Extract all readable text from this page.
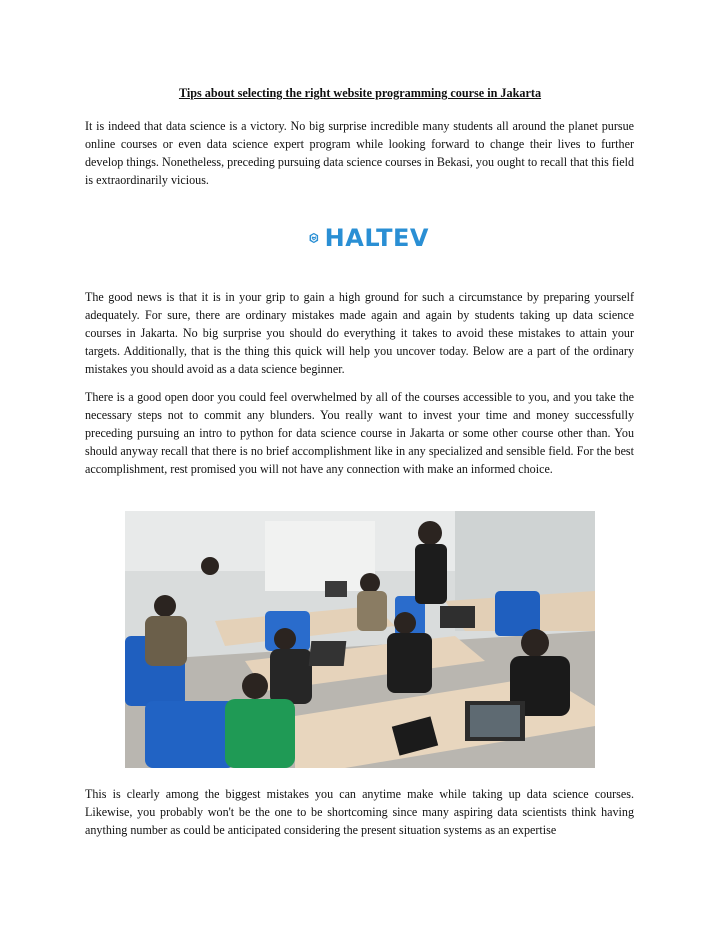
Tips about selecting the right website programming course in Jakarta

It is indeed that data science is a victory. No big surprise incredible many students all around the planet pursue online courses or even data science expert program while looking forward to change their lives to further develop things. Nonetheless, preceding pursuing data science courses in Bekasi, you ought to recall that this field is extraordinarily vicious.

HALTEV

The good news is that it is in your grip to gain a high ground for such a circumstance by preparing yourself adequately. For sure, there are ordinary mistakes made again and again by students taking up data science courses in Jakarta. No big surprise you should do everything it takes to avoid these mistakes to attain your targets. Additionally, that is the thing this quick will help you uncover today. Below are a part of the ordinary mistakes you should avoid as a data science beginner.

There is a good open door you could feel overwhelmed by all of the courses accessible to you, and you take the necessary steps not to commit any blunders. You really want to invest your time and money successfully preceding pursuing an intro to python for data science course in Jakarta or some other course other than. You should anyway recall that there is no brief accomplishment like in any specialized and sensible field. For the best accomplishment, rest promised you will not have any connection with make an informed choice.

This is clearly among the biggest mistakes you can anytime make while taking up data science courses. Likewise, you probably won't be the one to be shortcoming since many aspiring data scientists think having anything number as could be anticipated considering the present situation systems as an expertise
